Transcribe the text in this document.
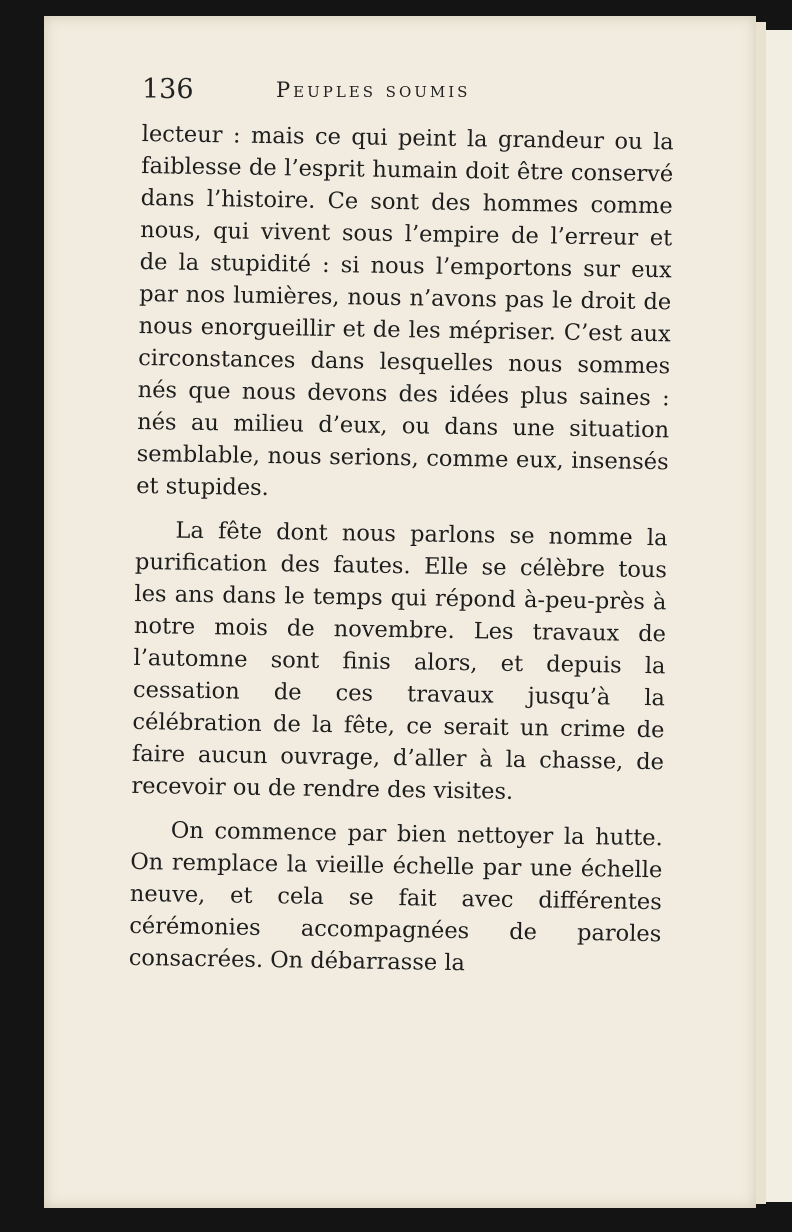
136	Peuples soumis

lecteur : mais ce qui peint la grandeur ou la faiblesse de l’esprit humain doit être conservé dans l’histoire. Ce sont des hommes comme nous, qui vivent sous l’empire de l’erreur et de la stupidité : si nous l’emportons sur eux par nos lumières, nous n’avons pas le droit de nous enorgueillir et de les mépriser. C’est aux circonstances dans lesquelles nous sommes nés que nous devons des idées plus saines : nés au milieu d’eux, ou dans une situation semblable, nous serions, comme eux, insensés et stupides.

La fête dont nous parlons se nomme la purification des fautes. Elle se célèbre tous les ans dans le temps qui répond à-peu-près à notre mois de novembre. Les travaux de l’automne sont finis alors, et depuis la cessation de ces travaux jusqu’à la célébration de la fête, ce serait un crime de faire aucun ouvrage, d’aller à la chasse, de recevoir ou de rendre des visites.

On commence par bien nettoyer la hutte. On remplace la vieille échelle par une échelle neuve, et cela se fait avec différentes cérémonies accompagnées de paroles consacrées. On débarrasse la
